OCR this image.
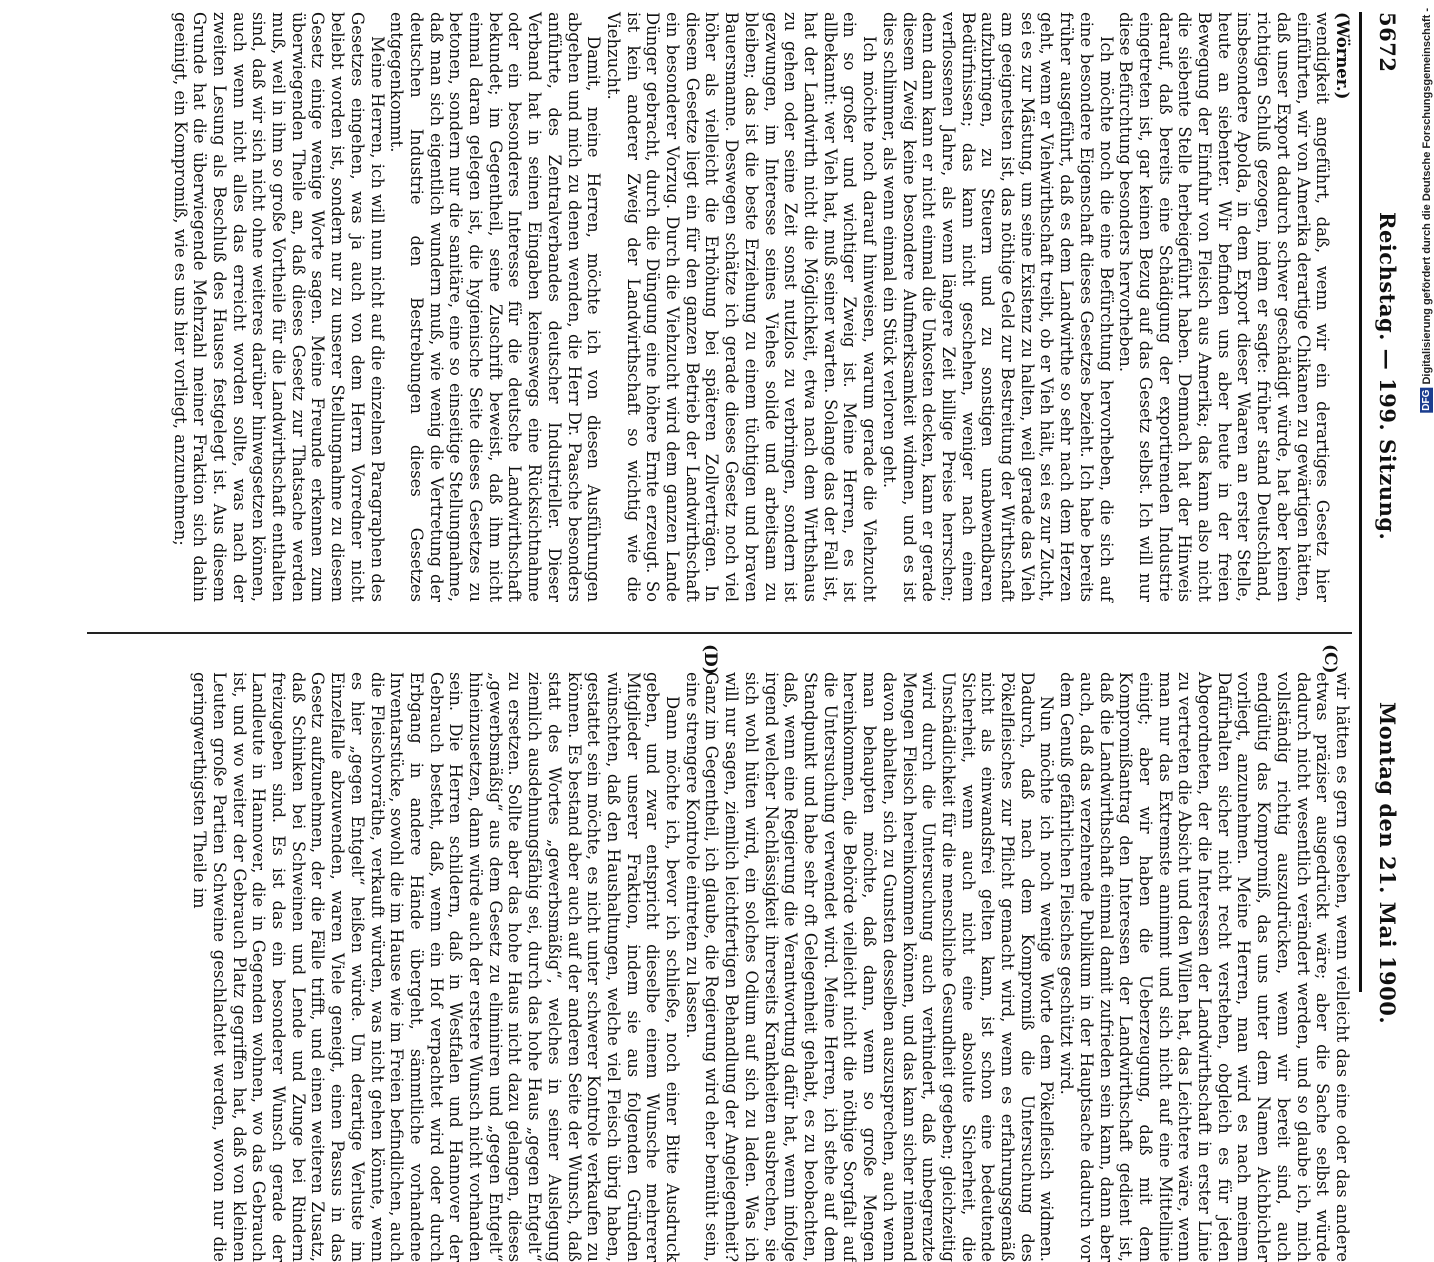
5672
Reichstag. — 199. Sitzung.
Montag den 21. Mai 1900.
(C)
(D)

(Wörner.)

wendigkeit angeführt, daß, wenn wir ein derartiges Gesetz hier einführten, wir von Amerika derartige Chikanen zu gewärtigen hätten, daß unser Export dadurch schwer geschädigt würde, hat aber keinen richtigen Schluß gezogen, indem er sagte: früher stand Deutschland, insbesondere Apolda, in dem Export dieser Waaren an erster Stelle, heute an siebenter. Wir befinden uns aber heute in der freien Bewegung der Einfuhr von Fleisch aus Amerika; das kann also nicht die siebente Stelle herbeigeführt haben. Demnach hat der Hinweis darauf, daß bereits eine Schädigung der exportirenden Industrie eingetreten ist, gar keinen Bezug auf das Gesetz selbst. Ich will nur diese Befürchtung besonders hervorheben.

Ich möchte noch die eine Befürchtung hervorheben, die sich auf eine besondere Eigenschaft dieses Gesetzes bezieht. Ich habe bereits früher ausgeführt, daß es dem Landwirthe so sehr nach dem Herzen geht, wenn er Viehwirthschaft treibt, ob er Vieh hält, sei es zur Zucht, sei es zur Mästung, um seine Existenz zu halten, weil gerade das Vieh am geeignetsten ist, das nöthige Geld zur Bestreitung der Wirthschaft aufzubringen, zu Steuern und zu sonstigen unabwendbaren Bedürfnissen; das kann nicht geschehen, weniger nach einem verflossenen Jahre, als wenn längere Zeit billige Preise herrschen; denn dann kann er nicht einmal die Unkosten decken, kann er gerade diesem Zweig keine besondere Aufmerksamkeit widmen, und es ist dies schlimmer, als wenn einmal ein Stück verloren geht.

Ich möchte noch darauf hinweisen, warum gerade die Viehzucht ein so großer und wichtiger Zweig ist. Meine Herren, es ist allbekannt: wer Vieh hat, muß seiner warten. Solange das der Fall ist, hat der Landwirth nicht die Möglichkeit, etwa nach dem Wirthshaus zu gehen oder seine Zeit sonst nutzlos zu verbringen, sondern ist gezwungen, im Interesse seines Viehes solide und arbeitsam zu bleiben; das ist die beste Erziehung zu einem tüchtigen und braven Bauersmanne. Deswegen schätze ich gerade dieses Gesetz noch viel höher als vielleicht die Erhöhung bei späteren Zollverträgen. In diesem Gesetze liegt ein für den ganzen Betrieb der Landwirthschaft ein besonderer Vorzug. Durch die Viehzucht wird dem ganzen Lande Dünger gebracht, durch die Düngung eine höhere Ernte erzeugt. So ist kein anderer Zweig der Landwirthschaft so wichtig wie die Viehzucht.

Damit, meine Herren, möchte ich von diesen Ausführungen abgehen und mich zu denen wenden, die Herr Dr. Paasche besonders anführte, des Zentralverbandes deutscher Industrieller. Dieser Verband hat in seinen Eingaben keineswegs eine Rücksichtnahme oder ein besonderes Interesse für die deutsche Landwirthschaft bekundet; im Gegentheil, seine Zuschrift beweist, daß ihm nicht einmal daran gelegen ist, die hygienische Seite dieses Gesetzes zu betonen, sondern nur die sanitäre, eine so einseitige Stellungnahme, daß man sich eigentlich wundern muß, wie wenig die Vertretung der deutschen Industrie den Bestrebungen dieses Gesetzes entgegenkommt.

Meine Herren, ich will nun nicht auf die einzelnen Paragraphen des Gesetzes eingehen, was ja auch von dem Herrn Vorredner nicht beliebt worden ist, sondern nur zu unserer Stellungnahme zu diesem Gesetz einige wenige Worte sagen. Meine Freunde erkennen zum überwiegenden Theile an, daß dieses Gesetz zur Thatsache werden muß, weil in ihm so große Vortheile für die Landwirthschaft enthalten sind, daß wir sich nicht ohne weiteres darüber hinwegsetzen können, auch wenn nicht alles das erreicht worden sollte, was nach der zweiten Lesung als Beschluß des Hauses festgelegt ist. Aus diesem Grunde hat die überwiegende Mehrzahl meiner Fraktion sich dahin geeinigt, ein Kompromiß, wie es uns hier vorliegt, anzunehmen;

wir hätten es gern gesehen, wenn vielleicht das eine oder das andere etwas präziser ausgedrückt wäre; aber die Sache selbst würde dadurch nicht wesentlich verändert werden, und so glaube ich, mich vollständig richtig auszudrücken, wenn wir bereit sind, auch endgültig das Kompromiß, das uns unter dem Namen Aichbichler vorliegt, anzunehmen. Meine Herren, man wird es nach meinem Dafürhalten sicher nicht recht verstehen, obgleich es für jeden Abgeordneten, der die Interessen der Landwirthschaft in erster Linie zu vertreten die Absicht und den Willen hat, das Leichtere wäre, wenn man nur das Extremste annimmt und sich nicht auf eine Mittellinie einigt; aber wir haben die Ueberzeugung, daß mit dem Kompromißantrag den Interessen der Landwirthschaft gedient ist, daß die Landwirthschaft einmal damit zufrieden sein kann, dann aber auch, daß das verzehrende Publikum in der Hauptsache dadurch vor dem Genuß gefährlichen Fleisches geschützt wird.

Nun möchte ich noch wenige Worte dem Pökelfleisch widmen. Dadurch, daß nach dem Kompromiß die Untersuchung des Pökelfleisches zur Pflicht gemacht wird, wenn es erfahrungsgemäß nicht als einwandsfrei gelten kann, ist schon eine bedeutende Sicherheit, wenn auch nicht eine absolute Sicherheit, die Unschädlichkeit für die menschliche Gesundheit gegeben; gleichzeitig wird durch die Untersuchung auch verhindert, daß unbegrenzte Mengen Fleisch hereinkommen können, und das kann sicher niemand davon abhalten, sich zu Gunsten desselben auszusprechen, auch wenn man behaupten möchte, daß dann, wenn so große Mengen hereinkommen, die Behörde vielleicht nicht die nöthige Sorgfalt auf die Untersuchung verwendet wird. Meine Herren, ich stehe auf dem Standpunkt und habe sehr oft Gelegenheit gehabt, es zu beobachten, daß, wenn eine Regierung die Verantwortung dafür hat, wenn infolge irgend welcher Nachlässigkeit ihrerseits Krankheiten ausbrechen, sie sich wohl hüten wird, ein solches Odium auf sich zu laden. Was ich will nur sagen, ziemlich leichtfertigen Behandlung der Angelegenheit? Ganz im Gegentheil, ich glaube, die Regierung wird eher bemüht sein, eine strengere Kontrole eintreten zu lassen.

Dann möchte ich, bevor ich schließe, noch einer Bitte Ausdruck geben, und zwar entspricht dieselbe einem Wunsche mehrerer Mitglieder unserer Fraktion, indem sie aus folgenden Gründen wünschten, daß den Haushaltungen, welche viel Fleisch übrig haben, gestattet sein möchte, es nicht unter schwerer Kontrole verkaufen zu können. Es bestand aber auch auf der anderen Seite der Wunsch, daß statt des Wortes „gewerbsmäßig“, welches in seiner Auslegung ziemlich ausdehnungsfähig sei, durch das hohe Haus „gegen Entgelt“ zu ersetzen. Sollte aber das hohe Haus nicht dazu gelangen, dieses „gewerbsmäßig“ aus dem Gesetz zu eliminiren und „gegen Entgelt“ hineinzusetzen, dann würde auch der erstere Wunsch nicht vorhanden sein. Die Herren schildern, daß in Westfalen und Hannover der Gebrauch besteht, daß, wenn ein Hof verpachtet wird oder durch Erbgang in andere Hände übergeht, sämmtliche vorhandene Inventarstücke, sowohl die im Hause wie im Freien befindlichen, auch die Fleischvorräthe, verkauft würden, was nicht gehen könnte, wenn es hier „gegen Entgelt“ heißen würde. Um derartige Verluste im Einzelfalle abzuwenden, waren Viele geneigt, einen Passus in das Gesetz aufzunehmen, der die Fälle trifft, und einen weiteren Zusatz, daß Schinken bei Schweinen und Lende und Zunge bei Rindern freizugeben sind. Es ist das ein besonderer Wunsch gerade der Landleute in Hannover, die in Gegenden wohnen, wo das Gebrauch ist, und wo weiter der Gebrauch Platz gegriffen hat, daß von kleinen Leuten große Partien Schweine geschlachtet werden, wovon nur die geringwerthigsten Theile im

DFG Digitalisierung gefördert durch die Deutsche Forschungsgemeinschaft -
